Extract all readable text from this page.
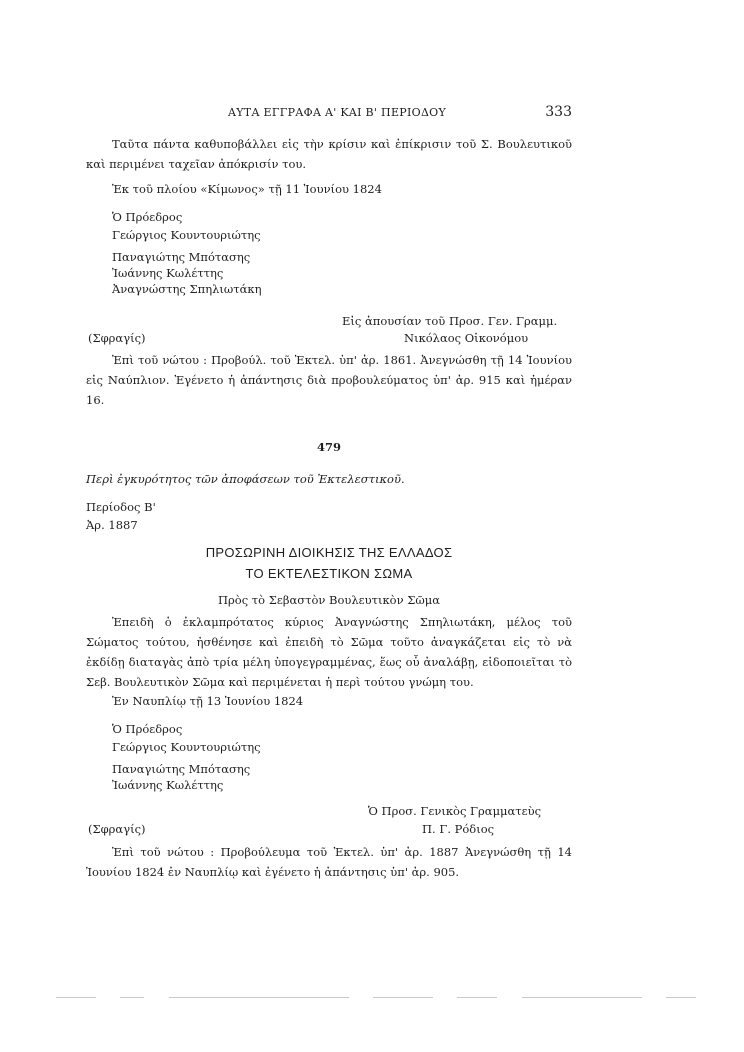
ΑΥΤΑ ΕΓΓΡΑΦΑ Α' ΚΑΙ Β' ΠΕΡΙΟΔΟΥ	333
Ταῦτα πάντα καθυποβάλλει εἰς τὴν κρίσιν καὶ ἐπίκρισιν τοῦ Σ. Βουλευτικοῦ καὶ περιμένει ταχεῖαν ἀπόκρισίν του.
Ἐκ τοῦ πλοίου «Κίμωνος» τῇ 11 Ἰουνίου 1824
Ὁ Πρόεδρος
Γεώργιος Κουντουριώτης
Παναγιώτης Μπότασης
Ἰωάννης Κωλέττης
Ἀναγνώστης Σπηλιωτάκη
Εἰς ἀπουσίαν τοῦ Προσ. Γεν. Γραμμ.
(Σφραγίς)	Νικόλαος Οἰκονόμου
Ἐπὶ τοῦ νώτου : Προβούλ. τοῦ Ἐκτελ. ὑπ' ἀρ. 1861. Ἀνεγνώσθη τῇ 14 Ἰουνίου εἰς Ναύπλιον. Ἐγένετο ἡ ἀπάντησις διὰ προβουλεύματος ὑπ' ἀρ. 915 καὶ ἡμέραν 16.
479
Περὶ ἐγκυρότητος τῶν ἀποφάσεων τοῦ Ἐκτελεστικοῦ.
Περίοδος Β'
Ἀρ. 1887
ΠΡΟΣΩΡΙΝΗ ΔΙΟΙΚΗΣΙΣ ΤΗΣ ΕΛΛΑΔΟΣ
ΤΟ ΕΚΤΕΛΕΣΤΙΚΟΝ ΣΩΜΑ
Πρὸς τὸ Σεβαστὸν Βουλευτικὸν Σῶμα
Ἐπειδὴ ὁ ἐκλαμπρότατος κύριος Ἀναγνώστης Σπηλιωτάκη, μέλος τοῦ Σώματος τούτου, ἠσθένησε καὶ ἐπειδὴ τὸ Σῶμα τοῦτο ἀναγκάζεται εἰς τὸ νὰ ἐκδίδῃ διαταγὰς ἀπὸ τρία μέλη ὑπογεγραμμένας, ἕως οὗ ἀναλάβῃ, εἰδοποιεῖται τὸ Σεβ. Βουλευτικὸν Σῶμα καὶ περιμένεται ἡ περὶ τούτου γνώμη του.
Ἐν Ναυπλίῳ τῇ 13 Ἰουνίου 1824
Ὁ Πρόεδρος
Γεώργιος Κουντουριώτης
Παναγιώτης Μπότασης
Ἰωάννης Κωλέττης
Ὁ Προσ. Γενικὸς Γραμματεὺς
(Σφραγίς)	Π. Γ. Ρόδιος
Ἐπὶ τοῦ νώτου : Προβούλευμα τοῦ Ἐκτελ. ὑπ' ἀρ. 1887 Ἀνεγνώσθη τῇ 14 Ἰουνίου 1824 ἐν Ναυπλίῳ καὶ ἐγένετο ἡ ἀπάντησις ὑπ' ἀρ. 905.
